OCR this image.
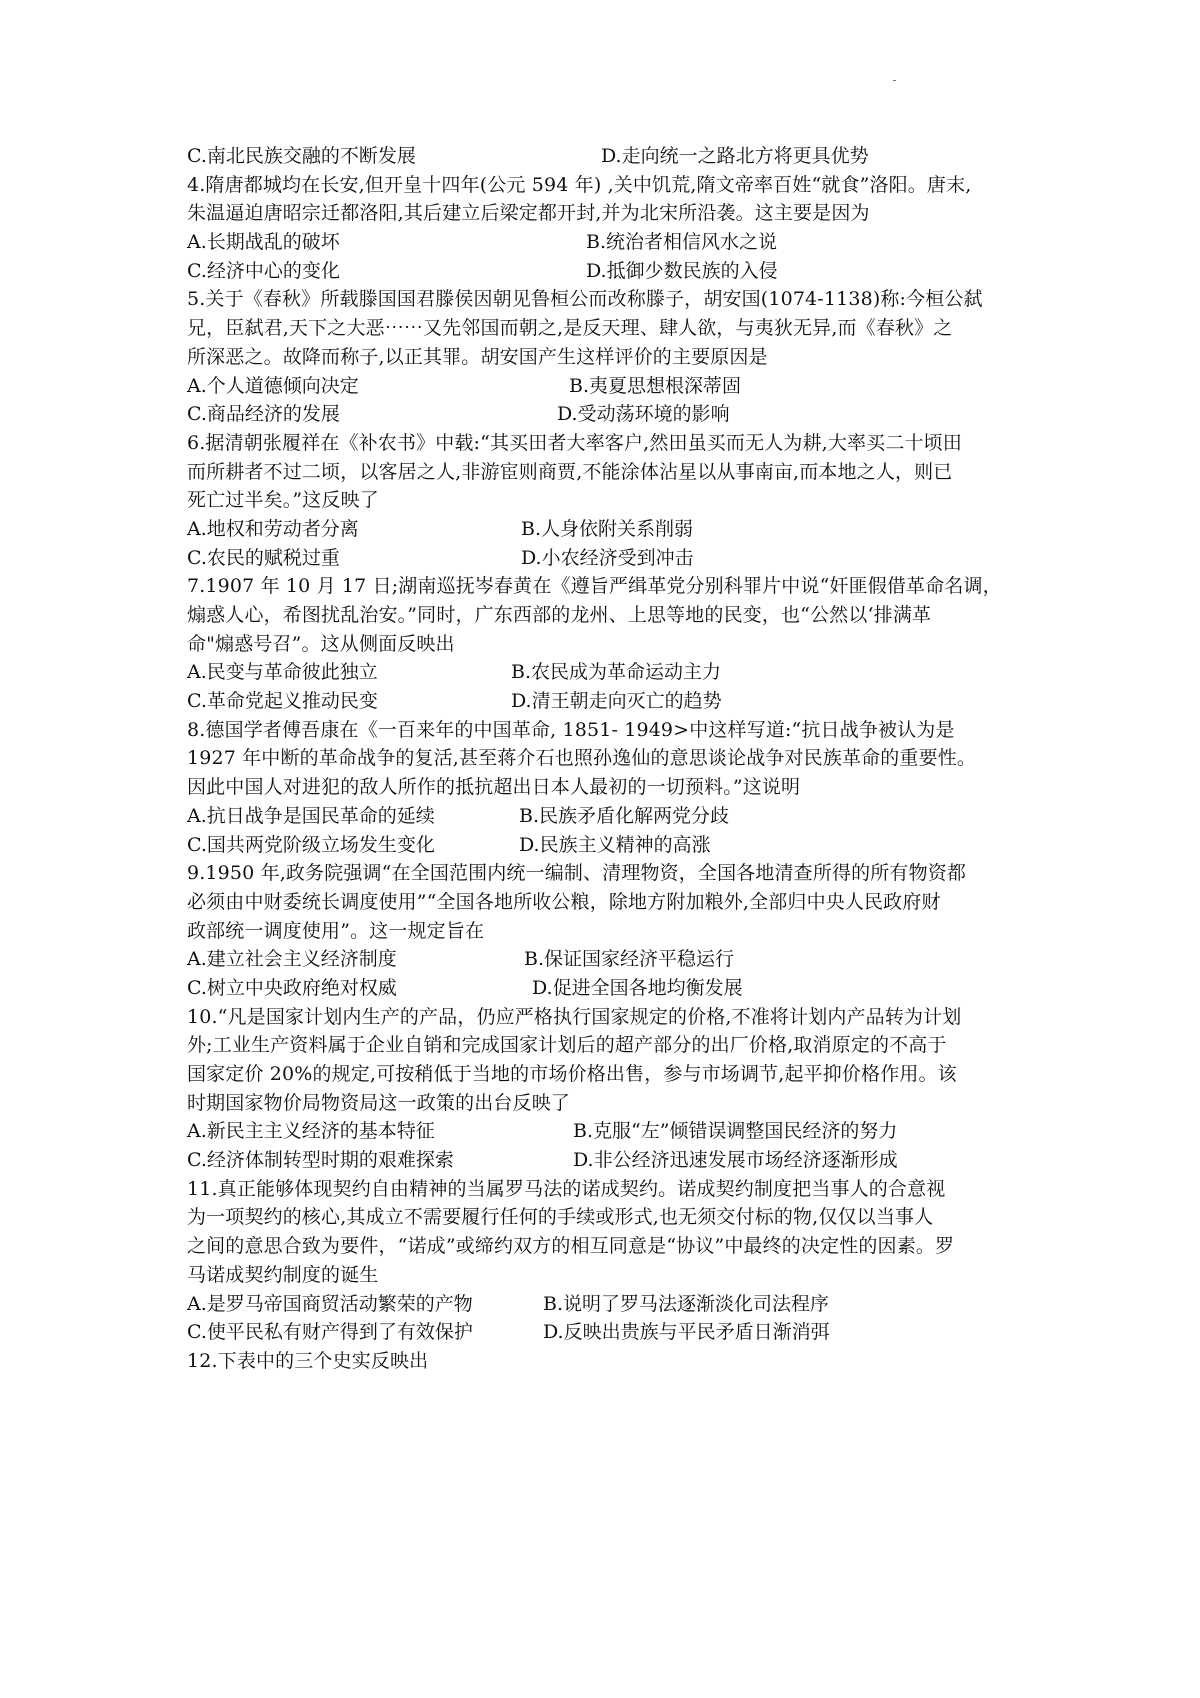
C.南北民族交融的不断发展	D.走向统一之路北方将更具优势
4.隋唐都城均在长安,但开皇十四年(公元 594 年) ,关中饥荒,隋文帝率百姓“就食”洛阳。唐末,
朱温逼迫唐昭宗迁都洛阳,其后建立后梁定都开封,并为北宋所沿袭。这主要是因为
A.长期战乱的破坏	B.统治者相信风水之说
C.经济中心的变化	D.抵御少数民族的入侵
5.关于《春秋》所载滕国国君滕侯因朝见鲁桓公而改称滕子，胡安国(1074-1138)称:今桓公弑
兄，臣弑君,天下之大恶⋯⋯又先邻国而朝之,是反天理、肆人欲，与夷狄无异,而《春秋》之
所深恶之。故降而称子,以正其罪。胡安国产生这样评价的主要原因是
A.个人道德倾向决定	B.夷夏思想根深蒂固
C.商品经济的发展	D.受动荡环境的影响
6.据清朝张履祥在《补农书》中载:“其买田者大率客户,然田虽买而无人为耕,大率买二十顷田
而所耕者不过二顷，以客居之人,非游宦则商贾,不能涂体沾星以从事南亩,而本地之人，则已
死亡过半矣。”这反映了
A.地权和劳动者分离	B.人身依附关系削弱
C.农民的赋税过重	D.小农经济受到冲击
7.1907 年 10 月 17 日;湖南巡抚岑春黄在《遵旨严缉革党分别科罪片中说“奸匪假借革命名调，
煽惑人心，希图扰乱治安。”同时，广东西部的龙州、上思等地的民变，也“公然以‘排满革
命"煽惑号召”。这从侧面反映出
A.民变与革命彼此独立	B.农民成为革命运动主力
C.革命党起义推动民变	D.清王朝走向灭亡的趋势
8.德国学者傅吾康在《一百来年的中国革命, 1851- 1949>中这样写道:“抗日战争被认为是
1927 年中断的革命战争的复活,甚至蒋介石也照孙逸仙的意思谈论战争对民族革命的重要性。
因此中国人对进犯的敌人所作的抵抗超出日本人最初的一切预料。”这说明
A.抗日战争是国民革命的延续	B.民族矛盾化解两党分歧
C.国共两党阶级立场发生变化	D.民族主义精神的高涨
9.1950 年,政务院强调“在全国范围内统一编制、清理物资，全国各地清查所得的所有物资都
必须由中财委统长调度使用”“全国各地所收公粮，除地方附加粮外,全部归中央人民政府财
政部统一调度使用”。这一规定旨在
A.建立社会主义经济制度	B.保证国家经济平稳运行
C.树立中央政府绝对权威	D.促进全国各地均衡发展
10.“凡是国家计划内生产的产品，仍应严格执行国家规定的价格,不准将计划内产品转为计划
外;工业生产资料属于企业自销和完成国家计划后的超产部分的出厂价格,取消原定的不高于
国家定价 20%的规定,可按稍低于当地的市场价格出售，参与市场调节,起平抑价格作用。该
时期国家物价局物资局这一政策的出台反映了
A.新民主主义经济的基本特征	B.克服“左”倾错误调整国民经济的努力
C.经济体制转型时期的艰难探索	D.非公经济迅速发展市场经济逐渐形成
11.真正能够体现契约自由精神的当属罗马法的诺成契约。诺成契约制度把当事人的合意视
为一项契约的核心,其成立不需要履行任何的手续或形式,也无须交付标的物,仅仅以当事人
之间的意思合致为要件，“诺成”或缔约双方的相互同意是“协议”中最终的决定性的因素。罗
马诺成契约制度的诞生
A.是罗马帝国商贸活动繁荣的产物	B.说明了罗马法逐渐淡化司法程序
C.使平民私有财产得到了有效保护	D.反映出贵族与平民矛盾日渐消弭
12.下表中的三个史实反映出
